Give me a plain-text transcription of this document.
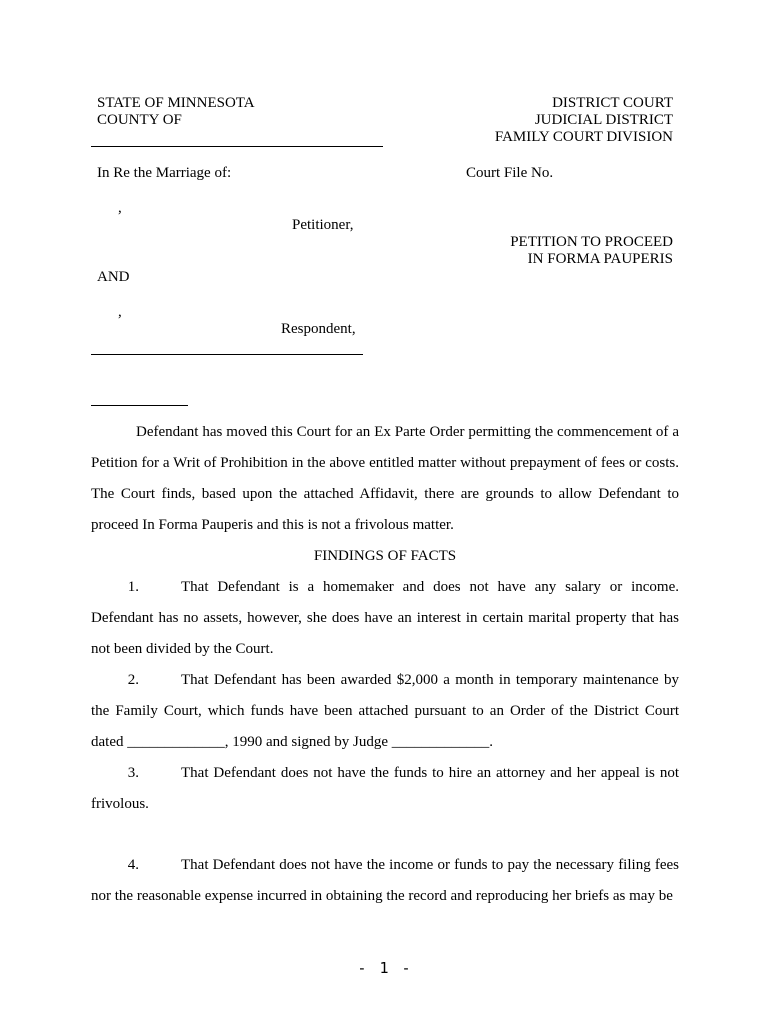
STATE OF MINNESOTA
COUNTY OF
DISTRICT COURT
JUDICIAL DISTRICT
FAMILY COURT DIVISION
In Re the Marriage of:	Court File No.
,
Petitioner,
PETITION TO PROCEED
IN FORMA PAUPERIS
AND
,
Respondent,
Defendant has moved this Court for an Ex Parte Order permitting the commencement of a Petition for a Writ of Prohibition in the above entitled matter without prepayment of fees or costs. The Court finds, based upon the attached Affidavit, there are grounds to allow Defendant to proceed In Forma Pauperis and this is not a frivolous matter.
FINDINGS OF FACTS
1.	That Defendant is a homemaker and does not have any salary or income. Defendant has no assets, however, she does have an interest in certain marital property that has not been divided by the Court.
2.	That Defendant has been awarded $2,000 a month in temporary maintenance by the Family Court, which funds have been attached pursuant to an Order of the District Court dated _____________, 1990 and signed by Judge _____________.
3.	That Defendant does not have the funds to hire an attorney and her appeal is not frivolous.
4.	That Defendant does not have the income or funds to pay the necessary filing fees nor the reasonable expense incurred in obtaining the record and reproducing her briefs as may be
- 1 -
